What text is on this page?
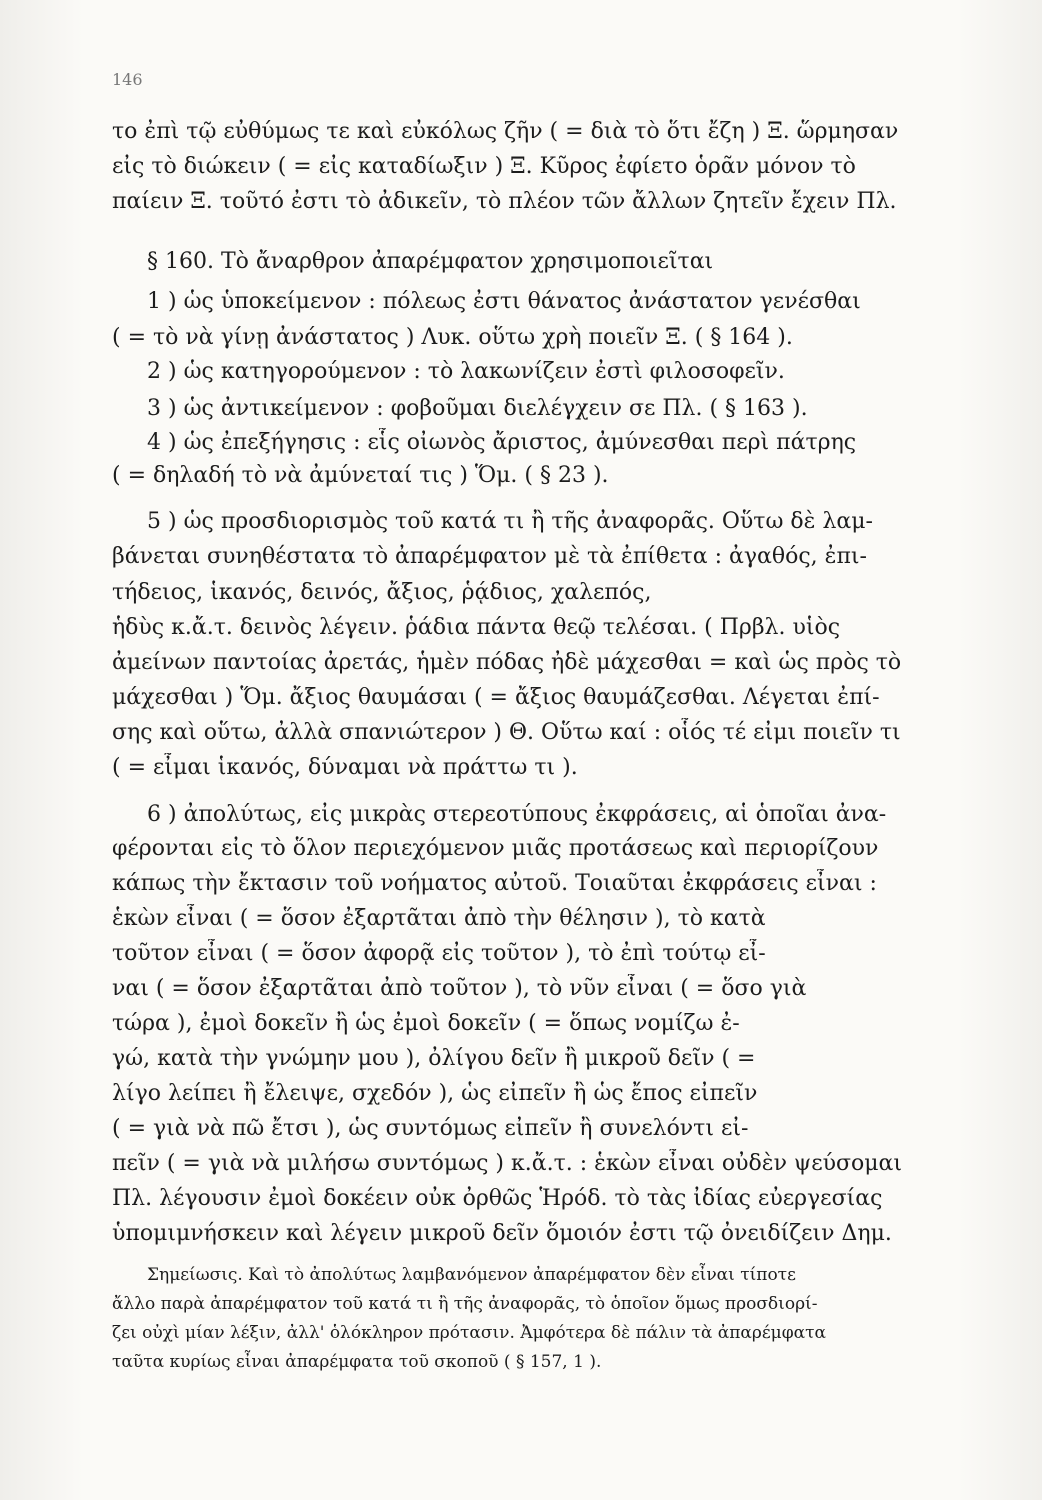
146
το ἐπὶ τῷ εὐθύμως τε καὶ εὐκόλως ζῆν ( = διὰ τὸ ὅτι ἔζη ) Ξ. ὥρμησαν
εἰς τὸ διώκειν ( = εἰς καταδίωξιν ) Ξ. Κῦρος ἐφίετο ὁρᾶν μόνον τὸ
παίειν Ξ. τοῦτό ἐστι τὸ ἀδικεῖν, τὸ πλέον τῶν ἄλλων ζητεῖν ἔχειν Πλ.
§ 160. Τὸ ἄναρθρον ἀπαρέμφατον χρησιμοποιεῖται
1 ) ὡς ὑποκείμενον : πόλεως ἐστι θάνατος ἀνάστατον γενέσθαι
( = τὸ νὰ γίνῃ ἀνάστατος ) Λυκ. οὕτω χρὴ ποιεῖν Ξ. ( § 164 ).
2 ) ὡς κατηγορούμενον : τὸ λακωνίζειν ἐστὶ φιλοσοφεῖν.
3 ) ὡς ἀντικείμενον : φοβοῦμαι διελέγχειν σε Πλ. ( § 163 ).
4 ) ὡς ἐπεξήγησις : εἷς οἰωνὸς ἄριστος, ἀμύνεσθαι περὶ πάτρης
( = δηλαδή τὸ νὰ ἀμύνεταί τις ) Ὅμ. ( § 23 ).
5 ) ὡς προσδιορισμὸς τοῦ κατά τι ἢ τῆς ἀναφορᾶς. Οὕτω δὲ λαμ-
βάνεται συνηθέστατα τὸ ἀπαρέμφατον μὲ τὰ ἐπίθετα : ἀγαθός, ἐπι-
τήδειος, ἱκανός, δεινός, ἄξιος, ῥᾴδιος, χαλεπός,
ἡδὺς κ.ἄ.τ. δεινὸς λέγειν. ῥάδια πάντα θεῷ τελέσαι. ( Πρβλ. υἱὸς
ἀμείνων παντοίας ἀρετάς, ἡμὲν πόδας ἠδὲ μάχεσθαι = καὶ ὡς πρὸς τὸ
μάχεσθαι ) Ὅμ. ἄξιος θαυμάσαι ( = ἄξιος θαυμάζεσθαι. Λέγεται ἐπί-
σης καὶ οὕτω, ἀλλὰ σπανιώτερον ) Θ. Οὕτω καί : οἷός τέ εἰμι ποιεῖν τι
( = εἶμαι ἱκανός, δύναμαι νὰ πράττω τι ).
6 ) ἀπολύτως, εἰς μικρὰς στερεοτύπους ἐκφράσεις, αἱ ὁποῖαι ἀνα-
φέρονται εἰς τὸ ὅλον περιεχόμενον μιᾶς προτάσεως καὶ περιορίζουν
κάπως τὴν ἔκτασιν τοῦ νοήματος αὐτοῦ. Τοιαῦται ἐκφράσεις εἶναι :
ἑκὼν εἶναι ( = ὅσον ἐξαρτᾶται ἀπὸ τὴν θέλησιν ), τὸ κατὰ
τοῦτον εἶναι ( = ὅσον ἀφορᾷ εἰς τοῦτον ), τὸ ἐπὶ τούτῳ εἶ-
ναι ( = ὅσον ἐξαρτᾶται ἀπὸ τοῦτον ), τὸ νῦν εἶναι ( = ὅσο γιὰ
τώρα ), ἐμοὶ δοκεῖν ἢ ὡς ἐμοὶ δοκεῖν ( = ὅπως νομίζω ἐ-
γώ, κατὰ τὴν γνώμην μου ), ὀλίγου δεῖν ἢ μικροῦ δεῖν ( =
λίγο λείπει ἢ ἔλειψε, σχεδόν ), ὡς εἰπεῖν ἢ ὡς ἔπος εἰπεῖν
( = γιὰ νὰ πῶ ἔτσι ), ὡς συντόμως εἰπεῖν ἢ συνελόντι εἰ-
πεῖν ( = γιὰ νὰ μιλήσω συντόμως ) κ.ἄ.τ. : ἑκὼν εἶναι οὐδὲν ψεύσομαι
Πλ. λέγουσιν ἐμοὶ δοκέειν οὐκ ὀρθῶς Ἡρόδ. τὸ τὰς ἰδίας εὐεργεσίας
ὑπομιμνήσκειν καὶ λέγειν μικροῦ δεῖν ὅμοιόν ἐστι τῷ ὀνειδίζειν Δημ.
Σημείωσις. Καὶ τὸ ἀπολύτως λαμβανόμενον ἀπαρέμφατον δὲν εἶναι τίποτε
ἄλλο παρὰ ἀπαρέμφατον τοῦ κατά τι ἢ τῆς ἀναφορᾶς, τὸ ὁποῖον ὅμως προσδιορί-
ζει οὐχὶ μίαν λέξιν, ἀλλ' ὁλόκληρον πρότασιν. Ἀμφότερα δὲ πάλιν τὰ ἀπαρέμφατα
ταῦτα κυρίως εἶναι ἀπαρέμφατα τοῦ σκοποῦ ( § 157, 1 ).
